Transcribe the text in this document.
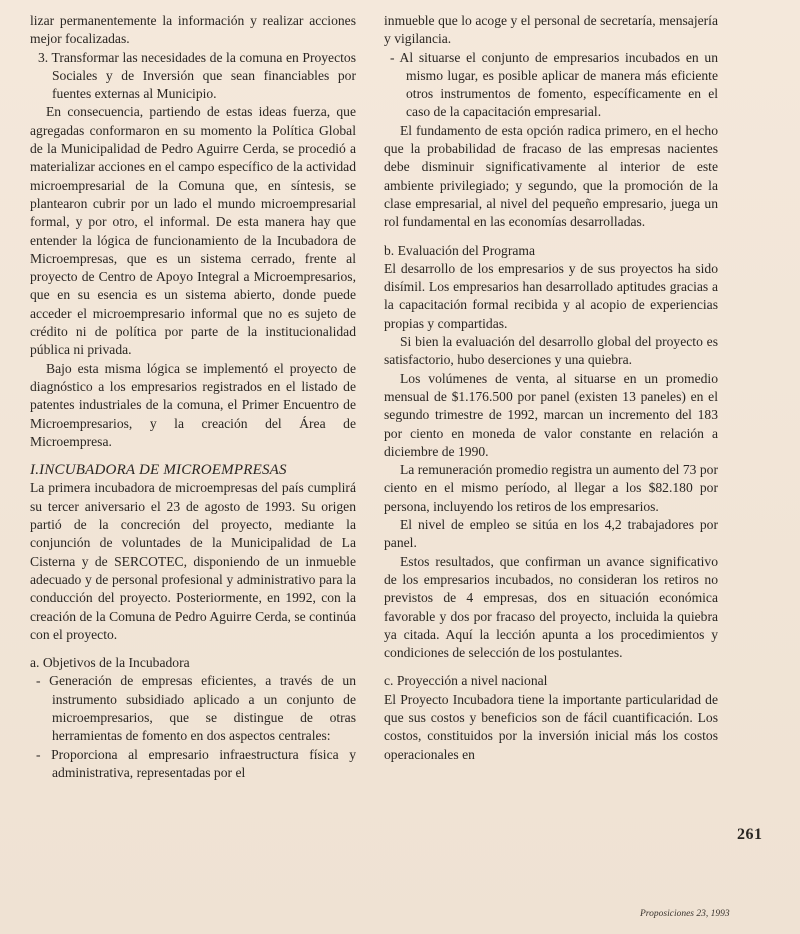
lizar permanentemente la información y realizar acciones mejor focalizadas.

3. Transformar las necesidades de la comuna en Proyectos Sociales y de Inversión que sean financiables por fuentes externas al Municipio.

En consecuencia, partiendo de estas ideas fuerza, que agregadas conformaron en su momento la Política Global de la Municipalidad de Pedro Aguirre Cerda, se procedió a materializar acciones en el campo específico de la actividad microempresarial de la Comuna que, en síntesis, se plantearon cubrir por un lado el mundo microempresarial formal, y por otro, el informal. De esta manera hay que entender la lógica de funcionamiento de la Incubadora de Microempresas, que es un sistema cerrado, frente al proyecto de Centro de Apoyo Integral a Microempresarios, que en su esencia es un sistema abierto, donde puede acceder el microempresario informal que no es sujeto de crédito ni de política por parte de la institucionalidad pública ni privada.

Bajo esta misma lógica se implementó el proyecto de diagnóstico a los empresarios registrados en el listado de patentes industriales de la comuna, el Primer Encuentro de Microempresarios, y la creación del Área de Microempresa.

I.INCUBADORA DE MICROEMPRESAS

La primera incubadora de microempresas del país cumplirá su tercer aniversario el 23 de agosto de 1993. Su origen partió de la concreción del proyecto, mediante la conjunción de voluntades de la Municipalidad de La Cisterna y de SERCOTEC, disponiendo de un inmueble adecuado y de personal profesional y administrativo para la conducción del proyecto. Posteriormente, en 1992, con la creación de la Comuna de Pedro Aguirre Cerda, se continúa con el proyecto.

a. Objetivos de la Incubadora

- Generación de empresas eficientes, a través de un instrumento subsidiado aplicado a un conjunto de microempresarios, que se distingue de otras herramientas de fomento en dos aspectos centrales:

- Proporciona al empresario infraestructura física y administrativa, representadas por el

inmueble que lo acoge y el personal de secretaría, mensajería y vigilancia.

- Al situarse el conjunto de empresarios incubados en un mismo lugar, es posible aplicar de manera más eficiente otros instrumentos de fomento, específicamente en el caso de la capacitación empresarial.

El fundamento de esta opción radica primero, en el hecho que la probabilidad de fracaso de las empresas nacientes debe disminuir significativamente al interior de este ambiente privilegiado; y segundo, que la promoción de la clase empresarial, al nivel del pequeño empresario, juega un rol fundamental en las economías desarrolladas.

b. Evaluación del Programa

El desarrollo de los empresarios y de sus proyectos ha sido disímil. Los empresarios han desarrollado aptitudes gracias a la capacitación formal recibida y al acopio de experiencias propias y compartidas.

Si bien la evaluación del desarrollo global del proyecto es satisfactorio, hubo deserciones y una quiebra.

Los volúmenes de venta, al situarse en un promedio mensual de $1.176.500 por panel (existen 13 paneles) en el segundo trimestre de 1992, marcan un incremento del 183 por ciento en moneda de valor constante en relación a diciembre de 1990.

La remuneración promedio registra un aumento del 73 por ciento en el mismo período, al llegar a los $82.180 por persona, incluyendo los retiros de los empresarios.

El nivel de empleo se sitúa en los 4,2 trabajadores por panel.

Estos resultados, que confirman un avance significativo de los empresarios incubados, no consideran los retiros no previstos de 4 empresas, dos en situación económica favorable y dos por fracaso del proyecto, incluida la quiebra ya citada. Aquí la lección apunta a los procedimientos y condiciones de selección de los postulantes.

c. Proyección a nivel nacional

El Proyecto Incubadora tiene la importante particularidad de que sus costos y beneficios son de fácil cuantificación. Los costos, constituidos por la inversión inicial más los costos operacionales en

261
Proposiciones 23, 1993
